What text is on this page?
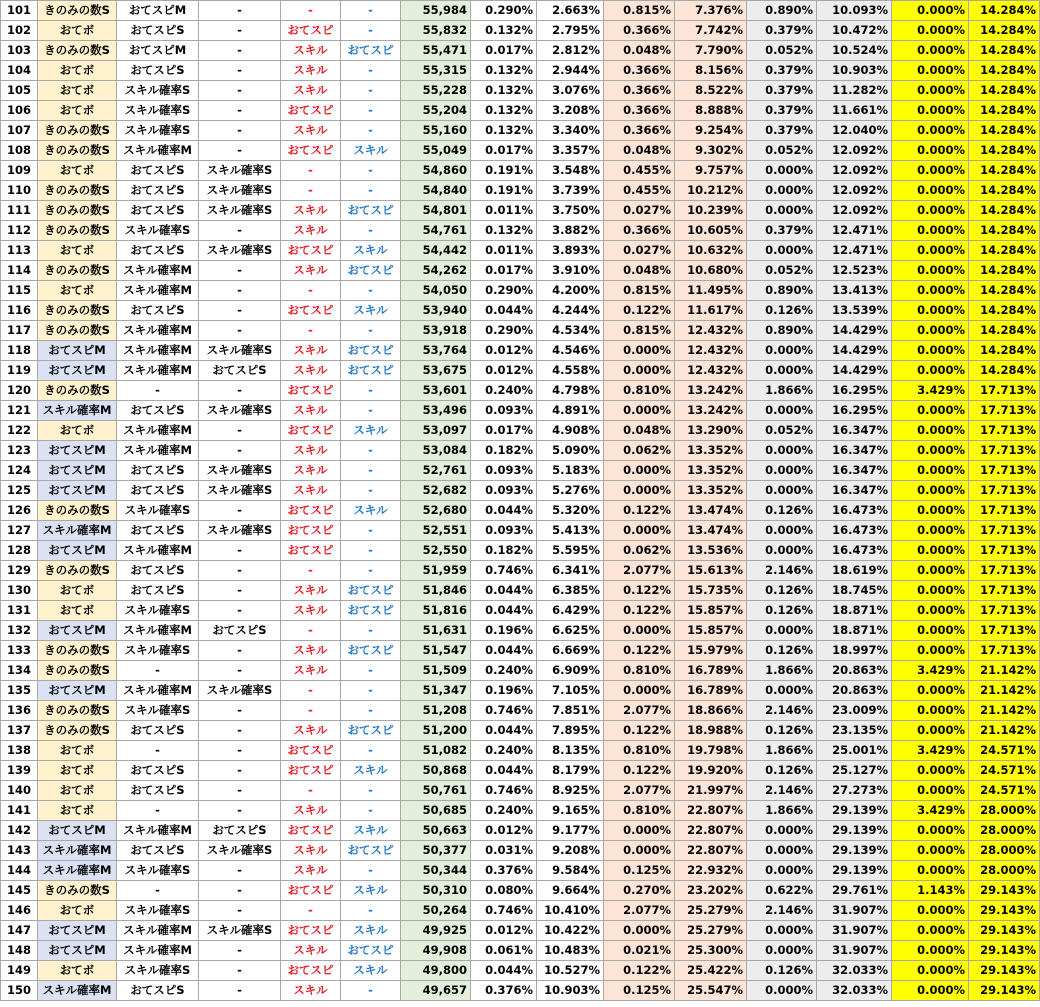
101	きのみの数S	おてスピM	-	-	-	55,984	0.290%	2.663%	0.815%	7.376%	0.890%	10.093%	0.000%	14.284%
102	おてボ	おてスピS	-	おてスピ	-	55,832	0.132%	2.795%	0.366%	7.742%	0.379%	10.472%	0.000%	14.284%
103	きのみの数S	おてスピM	-	スキル	おてスピ	55,471	0.017%	2.812%	0.048%	7.790%	0.052%	10.524%	0.000%	14.284%
104	おてボ	おてスピS	-	スキル	-	55,315	0.132%	2.944%	0.366%	8.156%	0.379%	10.903%	0.000%	14.284%
105	おてボ	スキル確率S	-	スキル	-	55,228	0.132%	3.076%	0.366%	8.522%	0.379%	11.282%	0.000%	14.284%
106	おてボ	スキル確率S	-	おてスピ	-	55,204	0.132%	3.208%	0.366%	8.888%	0.379%	11.661%	0.000%	14.284%
107	きのみの数S	スキル確率S	-	スキル	-	55,160	0.132%	3.340%	0.366%	9.254%	0.379%	12.040%	0.000%	14.284%
108	きのみの数S	スキル確率M	-	おてスピ	スキル	55,049	0.017%	3.357%	0.048%	9.302%	0.052%	12.092%	0.000%	14.284%
109	おてボ	おてスピS	スキル確率S	-	-	54,860	0.191%	3.548%	0.455%	9.757%	0.000%	12.092%	0.000%	14.284%
110	きのみの数S	おてスピS	スキル確率S	-	-	54,840	0.191%	3.739%	0.455%	10.212%	0.000%	12.092%	0.000%	14.284%
111	きのみの数S	おてスピS	スキル確率S	スキル	おてスピ	54,801	0.011%	3.750%	0.027%	10.239%	0.000%	12.092%	0.000%	14.284%
112	きのみの数S	スキル確率S	-	スキル	-	54,761	0.132%	3.882%	0.366%	10.605%	0.379%	12.471%	0.000%	14.284%
113	おてボ	おてスピS	スキル確率S	おてスピ	スキル	54,442	0.011%	3.893%	0.027%	10.632%	0.000%	12.471%	0.000%	14.284%
114	きのみの数S	スキル確率M	-	スキル	おてスピ	54,262	0.017%	3.910%	0.048%	10.680%	0.052%	12.523%	0.000%	14.284%
115	おてボ	スキル確率M	-	-	-	54,050	0.290%	4.200%	0.815%	11.495%	0.890%	13.413%	0.000%	14.284%
116	きのみの数S	おてスピS	-	おてスピ	スキル	53,940	0.044%	4.244%	0.122%	11.617%	0.126%	13.539%	0.000%	14.284%
117	きのみの数S	スキル確率M	-	-	-	53,918	0.290%	4.534%	0.815%	12.432%	0.890%	14.429%	0.000%	14.284%
118	おてスピM	スキル確率M	スキル確率S	スキル	おてスピ	53,764	0.012%	4.546%	0.000%	12.432%	0.000%	14.429%	0.000%	14.284%
119	おてスピM	スキル確率M	おてスピS	スキル	おてスピ	53,675	0.012%	4.558%	0.000%	12.432%	0.000%	14.429%	0.000%	14.284%
120	きのみの数S	-	-	おてスピ	-	53,601	0.240%	4.798%	0.810%	13.242%	1.866%	16.295%	3.429%	17.713%
121	スキル確率M	おてスピS	スキル確率S	スキル	-	53,496	0.093%	4.891%	0.000%	13.242%	0.000%	16.295%	0.000%	17.713%
122	おてボ	スキル確率M	-	おてスピ	スキル	53,097	0.017%	4.908%	0.048%	13.290%	0.052%	16.347%	0.000%	17.713%
123	おてスピM	スキル確率M	-	スキル	-	53,084	0.182%	5.090%	0.062%	13.352%	0.000%	16.347%	0.000%	17.713%
124	おてスピM	おてスピS	スキル確率S	スキル	-	52,761	0.093%	5.183%	0.000%	13.352%	0.000%	16.347%	0.000%	17.713%
125	おてスピM	おてスピS	スキル確率S	スキル	-	52,682	0.093%	5.276%	0.000%	13.352%	0.000%	16.347%	0.000%	17.713%
126	きのみの数S	スキル確率S	-	おてスピ	スキル	52,680	0.044%	5.320%	0.122%	13.474%	0.126%	16.473%	0.000%	17.713%
127	スキル確率M	おてスピS	スキル確率S	おてスピ	-	52,551	0.093%	5.413%	0.000%	13.474%	0.000%	16.473%	0.000%	17.713%
128	おてスピM	スキル確率M	-	おてスピ	-	52,550	0.182%	5.595%	0.062%	13.536%	0.000%	16.473%	0.000%	17.713%
129	きのみの数S	おてスピS	-	-	-	51,959	0.746%	6.341%	2.077%	15.613%	2.146%	18.619%	0.000%	17.713%
130	おてボ	おてスピS	-	スキル	おてスピ	51,846	0.044%	6.385%	0.122%	15.735%	0.126%	18.745%	0.000%	17.713%
131	おてボ	スキル確率S	-	スキル	おてスピ	51,816	0.044%	6.429%	0.122%	15.857%	0.126%	18.871%	0.000%	17.713%
132	おてスピM	スキル確率M	おてスピS	-	-	51,631	0.196%	6.625%	0.000%	15.857%	0.000%	18.871%	0.000%	17.713%
133	きのみの数S	スキル確率S	-	スキル	おてスピ	51,547	0.044%	6.669%	0.122%	15.979%	0.126%	18.997%	0.000%	17.713%
134	きのみの数S	-	-	スキル	-	51,509	0.240%	6.909%	0.810%	16.789%	1.866%	20.863%	3.429%	21.142%
135	おてスピM	スキル確率M	スキル確率S	-	-	51,347	0.196%	7.105%	0.000%	16.789%	0.000%	20.863%	0.000%	21.142%
136	きのみの数S	スキル確率S	-	-	-	51,208	0.746%	7.851%	2.077%	18.866%	2.146%	23.009%	0.000%	21.142%
137	きのみの数S	おてスピS	-	スキル	おてスピ	51,200	0.044%	7.895%	0.122%	18.988%	0.126%	23.135%	0.000%	21.142%
138	おてボ	-	-	おてスピ	-	51,082	0.240%	8.135%	0.810%	19.798%	1.866%	25.001%	3.429%	24.571%
139	おてボ	おてスピS	-	おてスピ	スキル	50,868	0.044%	8.179%	0.122%	19.920%	0.126%	25.127%	0.000%	24.571%
140	おてボ	おてスピS	-	-	-	50,761	0.746%	8.925%	2.077%	21.997%	2.146%	27.273%	0.000%	24.571%
141	おてボ	-	-	スキル	-	50,685	0.240%	9.165%	0.810%	22.807%	1.866%	29.139%	3.429%	28.000%
142	おてスピM	スキル確率M	おてスピS	おてスピ	スキル	50,663	0.012%	9.177%	0.000%	22.807%	0.000%	29.139%	0.000%	28.000%
143	スキル確率M	おてスピS	スキル確率S	スキル	おてスピ	50,377	0.031%	9.208%	0.000%	22.807%	0.000%	29.139%	0.000%	28.000%
144	スキル確率M	スキル確率S	-	スキル	-	50,344	0.376%	9.584%	0.125%	22.932%	0.000%	29.139%	0.000%	28.000%
145	きのみの数S	-	-	おてスピ	スキル	50,310	0.080%	9.664%	0.270%	23.202%	0.622%	29.761%	1.143%	29.143%
146	おてボ	スキル確率S	-	-	-	50,264	0.746%	10.410%	2.077%	25.279%	2.146%	31.907%	0.000%	29.143%
147	おてスピM	スキル確率M	スキル確率S	おてスピ	スキル	49,925	0.012%	10.422%	0.000%	25.279%	0.000%	31.907%	0.000%	29.143%
148	おてスピM	スキル確率M	-	スキル	おてスピ	49,908	0.061%	10.483%	0.021%	25.300%	0.000%	31.907%	0.000%	29.143%
149	おてボ	スキル確率S	-	おてスピ	スキル	49,800	0.044%	10.527%	0.122%	25.422%	0.126%	32.033%	0.000%	29.143%
150	スキル確率M	おてスピS	-	スキル	-	49,657	0.376%	10.903%	0.125%	25.547%	0.000%	32.033%	0.000%	29.143%
